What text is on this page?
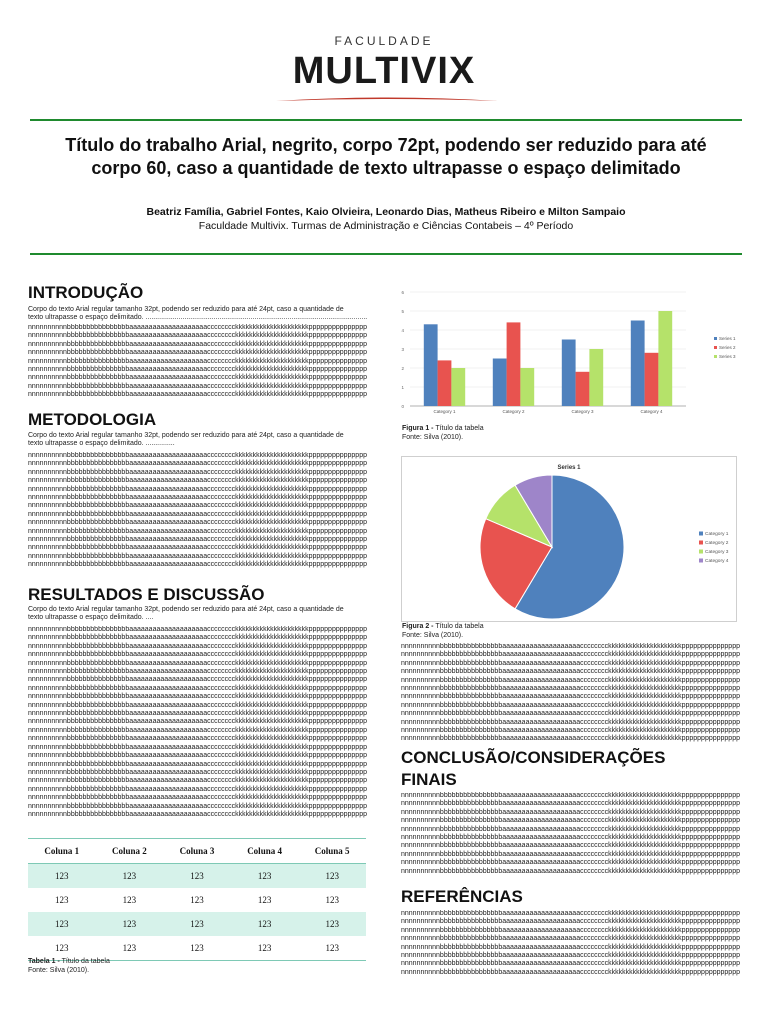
FACULDADE
MULTIVIX
Título do trabalho Arial, negrito, corpo 72pt, podendo ser reduzido para até
corpo 60, caso a quantidade de texto ultrapasse o espaço delimitado
Beatriz Família, Gabriel Fontes, Kaio Olvieira, Leonardo Dias, Matheus Ribeiro e Milton Sampaio
Faculdade Multivix. Turmas de Administração e Ciências Contabeis – 4º Período
INTRODUÇÃO
Corpo do texto Arial regular tamanho 32pt, podendo ser reduzido para até 24pt, caso a quantidade de
texto ultrapasse o espaço delimitado. ..................................................................................................................
nnnnnnnnnnbbbbbbbbbbbbbbbbaaaaaaaaaaaaaaaaaaaacccccccckkkkkkkkkkkkkkkkkkkkkppppppppppppppp
nnnnnnnnnnbbbbbbbbbbbbbbbbaaaaaaaaaaaaaaaaaaaacccccccckkkkkkkkkkkkkkkkkkkkkppppppppppppppp
nnnnnnnnnnbbbbbbbbbbbbbbbbaaaaaaaaaaaaaaaaaaaacccccccckkkkkkkkkkkkkkkkkkkkkppppppppppppppp
nnnnnnnnnnbbbbbbbbbbbbbbbbaaaaaaaaaaaaaaaaaaaacccccccckkkkkkkkkkkkkkkkkkkkkppppppppppppppp
nnnnnnnnnnbbbbbbbbbbbbbbbbaaaaaaaaaaaaaaaaaaaacccccccckkkkkkkkkkkkkkkkkkkkkppppppppppppppp
nnnnnnnnnnbbbbbbbbbbbbbbbbaaaaaaaaaaaaaaaaaaaacccccccckkkkkkkkkkkkkkkkkkkkkppppppppppppppp
nnnnnnnnnnbbbbbbbbbbbbbbbbaaaaaaaaaaaaaaaaaaaacccccccckkkkkkkkkkkkkkkkkkkkkppppppppppppppp
nnnnnnnnnnbbbbbbbbbbbbbbbbaaaaaaaaaaaaaaaaaaaacccccccckkkkkkkkkkkkkkkkkkkkkppppppppppppppp
nnnnnnnnnnbbbbbbbbbbbbbbbbaaaaaaaaaaaaaaaaaaaacccccccckkkkkkkkkkkkkkkkkkkkkppppppppppppppp
METODOLOGIA
Corpo do texto Arial regular tamanho 32pt, podendo ser reduzido para até 24pt, caso a quantidade de
texto ultrapasse o espaço delimitado. ...............
nnnnnnnnnnbbbbbbbbbbbbbbbbaaaaaaaaaaaaaaaaaaaacccccccckkkkkkkkkkkkkkkkkkkkkppppppppppppppp
nnnnnnnnnnbbbbbbbbbbbbbbbbaaaaaaaaaaaaaaaaaaaacccccccckkkkkkkkkkkkkkkkkkkkkppppppppppppppp
nnnnnnnnnnbbbbbbbbbbbbbbbbaaaaaaaaaaaaaaaaaaaacccccccckkkkkkkkkkkkkkkkkkkkkppppppppppppppp
nnnnnnnnnnbbbbbbbbbbbbbbbbaaaaaaaaaaaaaaaaaaaacccccccckkkkkkkkkkkkkkkkkkkkkppppppppppppppp
nnnnnnnnnnbbbbbbbbbbbbbbbbaaaaaaaaaaaaaaaaaaaacccccccckkkkkkkkkkkkkkkkkkkkkppppppppppppppp
nnnnnnnnnnbbbbbbbbbbbbbbbbaaaaaaaaaaaaaaaaaaaacccccccckkkkkkkkkkkkkkkkkkkkkppppppppppppppp
nnnnnnnnnnbbbbbbbbbbbbbbbbaaaaaaaaaaaaaaaaaaaacccccccckkkkkkkkkkkkkkkkkkkkkppppppppppppppp
nnnnnnnnnnbbbbbbbbbbbbbbbbaaaaaaaaaaaaaaaaaaaacccccccckkkkkkkkkkkkkkkkkkkkkppppppppppppppp
nnnnnnnnnnbbbbbbbbbbbbbbbbaaaaaaaaaaaaaaaaaaaacccccccckkkkkkkkkkkkkkkkkkkkkppppppppppppppp
nnnnnnnnnnbbbbbbbbbbbbbbbbaaaaaaaaaaaaaaaaaaaacccccccckkkkkkkkkkkkkkkkkkkkkppppppppppppppp
nnnnnnnnnnbbbbbbbbbbbbbbbbaaaaaaaaaaaaaaaaaaaacccccccckkkkkkkkkkkkkkkkkkkkkppppppppppppppp
nnnnnnnnnnbbbbbbbbbbbbbbbbaaaaaaaaaaaaaaaaaaaacccccccckkkkkkkkkkkkkkkkkkkkkppppppppppppppp
nnnnnnnnnnbbbbbbbbbbbbbbbbaaaaaaaaaaaaaaaaaaaacccccccckkkkkkkkkkkkkkkkkkkkkppppppppppppppp
nnnnnnnnnnbbbbbbbbbbbbbbbbaaaaaaaaaaaaaaaaaaaacccccccckkkkkkkkkkkkkkkkkkkkkppppppppppppppp
RESULTADOS E DISCUSSÃO
Corpo do texto Arial regular tamanho 32pt, podendo ser reduzido para até 24pt, caso a quantidade de
texto ultrapasse o espaço delimitado. ....
nnnnnnnnnnbbbbbbbbbbbbbbbbaaaaaaaaaaaaaaaaaaaacccccccckkkkkkkkkkkkkkkkkkkkkppppppppppppppp
nnnnnnnnnnbbbbbbbbbbbbbbbbaaaaaaaaaaaaaaaaaaaacccccccckkkkkkkkkkkkkkkkkkkkkppppppppppppppp
nnnnnnnnnnbbbbbbbbbbbbbbbbaaaaaaaaaaaaaaaaaaaacccccccckkkkkkkkkkkkkkkkkkkkkppppppppppppppp
nnnnnnnnnnbbbbbbbbbbbbbbbbaaaaaaaaaaaaaaaaaaaacccccccckkkkkkkkkkkkkkkkkkkkkppppppppppppppp
nnnnnnnnnnbbbbbbbbbbbbbbbbaaaaaaaaaaaaaaaaaaaacccccccckkkkkkkkkkkkkkkkkkkkkppppppppppppppp
nnnnnnnnnnbbbbbbbbbbbbbbbbaaaaaaaaaaaaaaaaaaaacccccccckkkkkkkkkkkkkkkkkkkkkppppppppppppppp
nnnnnnnnnnbbbbbbbbbbbbbbbbaaaaaaaaaaaaaaaaaaaacccccccckkkkkkkkkkkkkkkkkkkkkppppppppppppppp
nnnnnnnnnnbbbbbbbbbbbbbbbbaaaaaaaaaaaaaaaaaaaacccccccckkkkkkkkkkkkkkkkkkkkkppppppppppppppp
nnnnnnnnnnbbbbbbbbbbbbbbbbaaaaaaaaaaaaaaaaaaaacccccccckkkkkkkkkkkkkkkkkkkkkppppppppppppppp
nnnnnnnnnnbbbbbbbbbbbbbbbbaaaaaaaaaaaaaaaaaaaacccccccckkkkkkkkkkkkkkkkkkkkkppppppppppppppp
nnnnnnnnnnbbbbbbbbbbbbbbbbaaaaaaaaaaaaaaaaaaaacccccccckkkkkkkkkkkkkkkkkkkkkppppppppppppppp
nnnnnnnnnnbbbbbbbbbbbbbbbbaaaaaaaaaaaaaaaaaaaacccccccckkkkkkkkkkkkkkkkkkkkkppppppppppppppp
nnnnnnnnnnbbbbbbbbbbbbbbbbaaaaaaaaaaaaaaaaaaaacccccccckkkkkkkkkkkkkkkkkkkkkppppppppppppppp
nnnnnnnnnnbbbbbbbbbbbbbbbbaaaaaaaaaaaaaaaaaaaacccccccckkkkkkkkkkkkkkkkkkkkkppppppppppppppp
nnnnnnnnnnbbbbbbbbbbbbbbbbaaaaaaaaaaaaaaaaaaaacccccccckkkkkkkkkkkkkkkkkkkkkppppppppppppppp
nnnnnnnnnnbbbbbbbbbbbbbbbbaaaaaaaaaaaaaaaaaaaacccccccckkkkkkkkkkkkkkkkkkkkkppppppppppppppp
nnnnnnnnnnbbbbbbbbbbbbbbbbaaaaaaaaaaaaaaaaaaaacccccccckkkkkkkkkkkkkkkkkkkkkppppppppppppppp
nnnnnnnnnnbbbbbbbbbbbbbbbbaaaaaaaaaaaaaaaaaaaacccccccckkkkkkkkkkkkkkkkkkkkkppppppppppppppp
nnnnnnnnnnbbbbbbbbbbbbbbbbaaaaaaaaaaaaaaaaaaaacccccccckkkkkkkkkkkkkkkkkkkkkppppppppppppppp
nnnnnnnnnnbbbbbbbbbbbbbbbbaaaaaaaaaaaaaaaaaaaacccccccckkkkkkkkkkkkkkkkkkkkkppppppppppppppp
nnnnnnnnnnbbbbbbbbbbbbbbbbaaaaaaaaaaaaaaaaaaaacccccccckkkkkkkkkkkkkkkkkkkkkppppppppppppppp
nnnnnnnnnnbbbbbbbbbbbbbbbbaaaaaaaaaaaaaaaaaaaacccccccckkkkkkkkkkkkkkkkkkkkkppppppppppppppp
nnnnnnnnnnbbbbbbbbbbbbbbbbaaaaaaaaaaaaaaaaaaaacccccccckkkkkkkkkkkkkkkkkkkkkppppppppppppppp
Coluna 1	Coluna 2	Coluna 3	Coluna 4	Coluna 5
123	123	123	123	123
123	123	123	123	123
123	123	123	123	123
123	123	123	123	123
Tabela 1 - Título da tabela
Fonte: Silva (2010).
0
1
2
3
4
5
6
Category 1	Category 2	Category 3	Category 4
Series 1
Series 2
Series 3
Figura 1 - Título da tabela
Fonte: Silva (2010).
Series 1
Category 1
Category 2
Category 3
Category 4
Figura 2 - Título da tabela
Fonte: Silva (2010).
nnnnnnnnnnbbbbbbbbbbbbbbbbaaaaaaaaaaaaaaaaaaaacccccccckkkkkkkkkkkkkkkkkkkkkppppppppppppppp
nnnnnnnnnnbbbbbbbbbbbbbbbbaaaaaaaaaaaaaaaaaaaacccccccckkkkkkkkkkkkkkkkkkkkkppppppppppppppp
nnnnnnnnnnbbbbbbbbbbbbbbbbaaaaaaaaaaaaaaaaaaaacccccccckkkkkkkkkkkkkkkkkkkkkppppppppppppppp
nnnnnnnnnnbbbbbbbbbbbbbbbbaaaaaaaaaaaaaaaaaaaacccccccckkkkkkkkkkkkkkkkkkkkkppppppppppppppp
nnnnnnnnnnbbbbbbbbbbbbbbbbaaaaaaaaaaaaaaaaaaaacccccccckkkkkkkkkkkkkkkkkkkkkppppppppppppppp
nnnnnnnnnnbbbbbbbbbbbbbbbbaaaaaaaaaaaaaaaaaaaacccccccckkkkkkkkkkkkkkkkkkkkkppppppppppppppp
nnnnnnnnnnbbbbbbbbbbbbbbbbaaaaaaaaaaaaaaaaaaaacccccccckkkkkkkkkkkkkkkkkkkkkppppppppppppppp
nnnnnnnnnnbbbbbbbbbbbbbbbbaaaaaaaaaaaaaaaaaaaacccccccckkkkkkkkkkkkkkkkkkkkkppppppppppppppp
nnnnnnnnnnbbbbbbbbbbbbbbbbaaaaaaaaaaaaaaaaaaaacccccccckkkkkkkkkkkkkkkkkkkkkppppppppppppppp
nnnnnnnnnnbbbbbbbbbbbbbbbbaaaaaaaaaaaaaaaaaaaacccccccckkkkkkkkkkkkkkkkkkkkkppppppppppppppp
nnnnnnnnnnbbbbbbbbbbbbbbbbaaaaaaaaaaaaaaaaaaaacccccccckkkkkkkkkkkkkkkkkkkkkppppppppppppppp
nnnnnnnnnnbbbbbbbbbbbbbbbbaaaaaaaaaaaaaaaaaaaacccccccckkkkkkkkkkkkkkkkkkkkkppppppppppppppp
CONCLUSÃO/CONSIDERAÇÕES
FINAIS
nnnnnnnnnnbbbbbbbbbbbbbbbbaaaaaaaaaaaaaaaaaaaacccccccckkkkkkkkkkkkkkkkkkkkkppppppppppppppp
nnnnnnnnnnbbbbbbbbbbbbbbbbaaaaaaaaaaaaaaaaaaaacccccccckkkkkkkkkkkkkkkkkkkkkppppppppppppppp
nnnnnnnnnnbbbbbbbbbbbbbbbbaaaaaaaaaaaaaaaaaaaacccccccckkkkkkkkkkkkkkkkkkkkkppppppppppppppp
nnnnnnnnnnbbbbbbbbbbbbbbbbaaaaaaaaaaaaaaaaaaaacccccccckkkkkkkkkkkkkkkkkkkkkppppppppppppppp
nnnnnnnnnnbbbbbbbbbbbbbbbbaaaaaaaaaaaaaaaaaaaacccccccckkkkkkkkkkkkkkkkkkkkkppppppppppppppp
nnnnnnnnnnbbbbbbbbbbbbbbbbaaaaaaaaaaaaaaaaaaaacccccccckkkkkkkkkkkkkkkkkkkkkppppppppppppppp
nnnnnnnnnnbbbbbbbbbbbbbbbbaaaaaaaaaaaaaaaaaaaacccccccckkkkkkkkkkkkkkkkkkkkkppppppppppppppp
nnnnnnnnnnbbbbbbbbbbbbbbbbaaaaaaaaaaaaaaaaaaaacccccccckkkkkkkkkkkkkkkkkkkkkppppppppppppppp
nnnnnnnnnnbbbbbbbbbbbbbbbbaaaaaaaaaaaaaaaaaaaacccccccckkkkkkkkkkkkkkkkkkkkkppppppppppppppp
nnnnnnnnnnbbbbbbbbbbbbbbbbaaaaaaaaaaaaaaaaaaaacccccccckkkkkkkkkkkkkkkkkkkkkppppppppppppppp
REFERÊNCIAS
nnnnnnnnnnbbbbbbbbbbbbbbbbaaaaaaaaaaaaaaaaaaaacccccccckkkkkkkkkkkkkkkkkkkkkppppppppppppppp
nnnnnnnnnnbbbbbbbbbbbbbbbbaaaaaaaaaaaaaaaaaaaacccccccckkkkkkkkkkkkkkkkkkkkkppppppppppppppp
nnnnnnnnnnbbbbbbbbbbbbbbbbaaaaaaaaaaaaaaaaaaaacccccccckkkkkkkkkkkkkkkkkkkkkppppppppppppppp
nnnnnnnnnnbbbbbbbbbbbbbbbbaaaaaaaaaaaaaaaaaaaacccccccckkkkkkkkkkkkkkkkkkkkkppppppppppppppp
nnnnnnnnnnbbbbbbbbbbbbbbbbaaaaaaaaaaaaaaaaaaaacccccccckkkkkkkkkkkkkkkkkkkkkppppppppppppppp
nnnnnnnnnnbbbbbbbbbbbbbbbbaaaaaaaaaaaaaaaaaaaacccccccckkkkkkkkkkkkkkkkkkkkkppppppppppppppp
nnnnnnnnnnbbbbbbbbbbbbbbbbaaaaaaaaaaaaaaaaaaaacccccccckkkkkkkkkkkkkkkkkkkkkppppppppppppppp
nnnnnnnnnnbbbbbbbbbbbbbbbbaaaaaaaaaaaaaaaaaaaacccccccckkkkkkkkkkkkkkkkkkkkkppppppppppppppp
